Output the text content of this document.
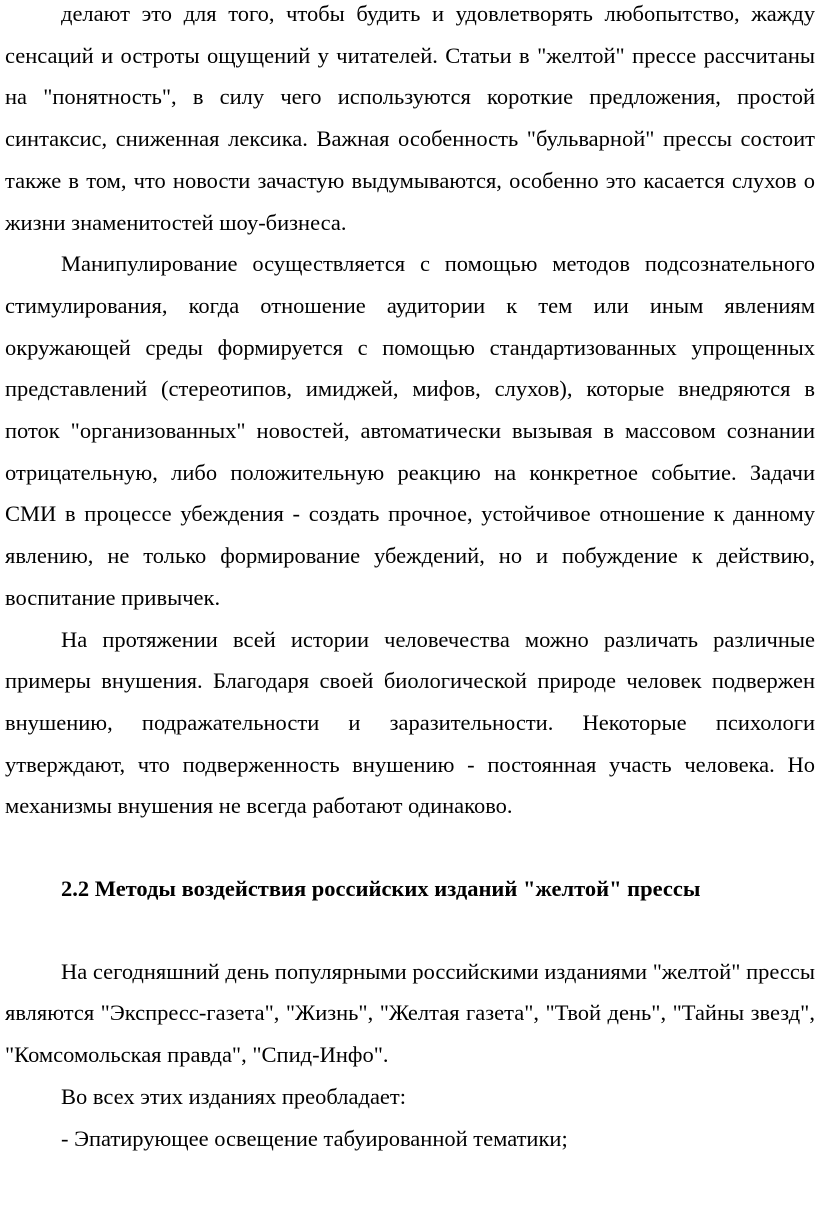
делают это для того, чтобы будить и удовлетворять любопытство, жажду сенсаций и остроты ощущений у читателей. Статьи в "желтой" прессе рассчитаны на "понятность", в силу чего используются короткие предложения, простой синтаксис, сниженная лексика. Важная особенность "бульварной" прессы состоит также в том, что новости зачастую выдумываются, особенно это касается слухов о жизни знаменитостей шоу-бизнеса.

Манипулирование осуществляется с помощью методов подсознательного стимулирования, когда отношение аудитории к тем или иным явлениям окружающей среды формируется с помощью стандартизованных упрощенных представлений (стереотипов, имиджей, мифов, слухов), которые внедряются в поток "организованных" новостей, автоматически вызывая в массовом сознании отрицательную, либо положительную реакцию на конкретное событие. Задачи СМИ в процессе убеждения - создать прочное, устойчивое отношение к данному явлению, не только формирование убеждений, но и побуждение к действию, воспитание привычек.

На протяжении всей истории человечества можно различать различные примеры внушения. Благодаря своей биологической природе человек подвержен внушению, подражательности и заразительности. Некоторые психологи утверждают, что подверженность внушению - постоянная участь человека. Но механизмы внушения не всегда работают одинаково.

2.2 Методы воздействия российских изданий "желтой" прессы

На сегодняшний день популярными российскими изданиями "желтой" прессы являются "Экспресс-газета", "Жизнь", "Желтая газета", "Твой день", "Тайны звезд", "Комсомольская правда", "Спид-Инфо".

Во всех этих изданиях преобладает:

- Эпатирующее освещение табуированной тематики;
